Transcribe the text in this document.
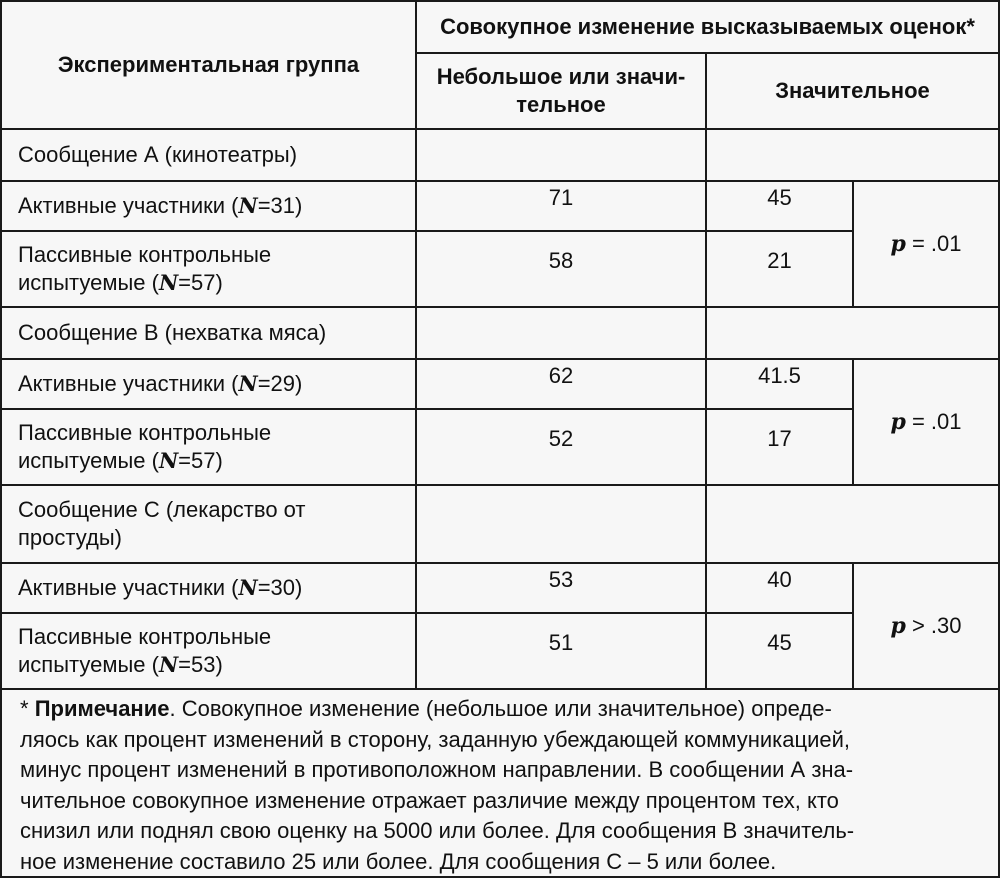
Экспериментальная группа	Совокупное изменение высказываемых оценок*		
	Небольшое или значи-
тельное	Значительное	
Сообщение А (кинотеатры)			
Активные участники (N=31)	71	45	p = .01
Пассивные контрольные
испытуемые (N=57)	58	21	
Сообщение В (нехватка мяса)			
Активные участники (N=29)	62	41.5	p = .01
Пассивные контрольные
испытуемые (N=57)	52	17	
Сообщение С (лекарство от
простуды)			
Активные участники (N=30)	53	40	p > .30
Пассивные контрольные
испытуемые (N=53)	51	45	
* Примечание. Совокупное изменение (небольшое или значительное) опреде-
ляось как процент изменений в сторону, заданную убеждающей коммуникацией,
минус процент изменений в противоположном направлении. В сообщении А зна-
чительное совокупное изменение отражает различие между процентом тех, кто
снизил или поднял свою оценку на 5000 или более. Для сообщения В значитель-
ное изменение составило 25 или более. Для сообщения С – 5 или более.
